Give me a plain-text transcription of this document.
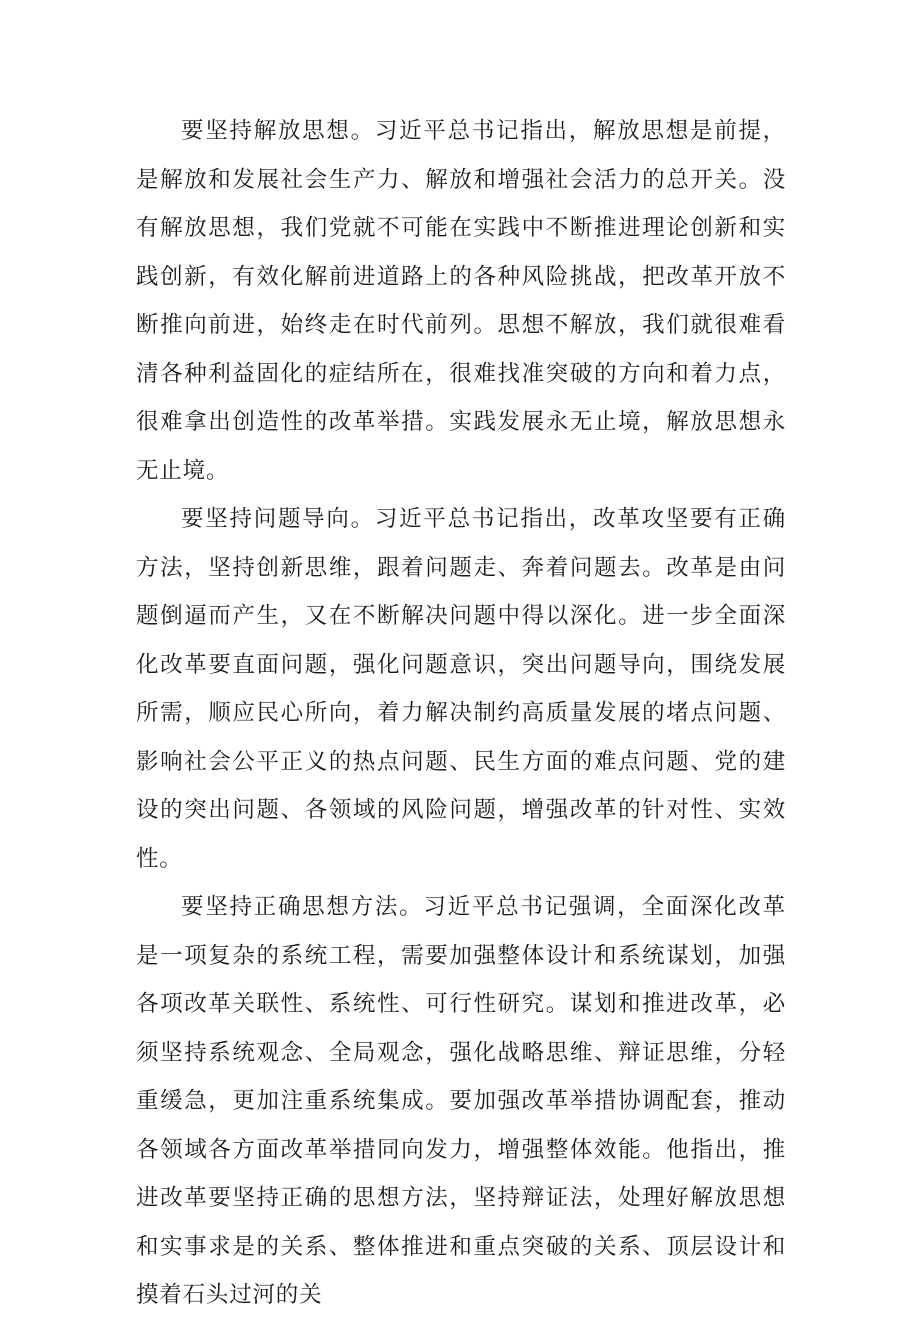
要坚持解放思想。习近平总书记指出，解放思想是前提，是解放和发展社会生产力、解放和增强社会活力的总开关。没有解放思想，我们党就不可能在实践中不断推进理论创新和实践创新，有效化解前进道路上的各种风险挑战，把改革开放不断推向前进，始终走在时代前列。思想不解放，我们就很难看清各种利益固化的症结所在，很难找准突破的方向和着力点，很难拿出创造性的改革举措。实践发展永无止境，解放思想永无止境。

要坚持问题导向。习近平总书记指出，改革攻坚要有正确方法，坚持创新思维，跟着问题走、奔着问题去。改革是由问题倒逼而产生，又在不断解决问题中得以深化。进一步全面深化改革要直面问题，强化问题意识，突出问题导向，围绕发展所需，顺应民心所向，着力解决制约高质量发展的堵点问题、影响社会公平正义的热点问题、民生方面的难点问题、党的建设的突出问题、各领域的风险问题，增强改革的针对性、实效性。

要坚持正确思想方法。习近平总书记强调，全面深化改革是一项复杂的系统工程，需要加强整体设计和系统谋划，加强各项改革关联性、系统性、可行性研究。谋划和推进改革，必须坚持系统观念、全局观念，强化战略思维、辩证思维，分轻重缓急，更加注重系统集成。要加强改革举措协调配套，推动各领域各方面改革举措同向发力，增强整体效能。他指出，推进改革要坚持正确的思想方法，坚持辩证法，处理好解放思想和实事求是的关系、整体推进和重点突破的关系、顶层设计和摸着石头过河的关
